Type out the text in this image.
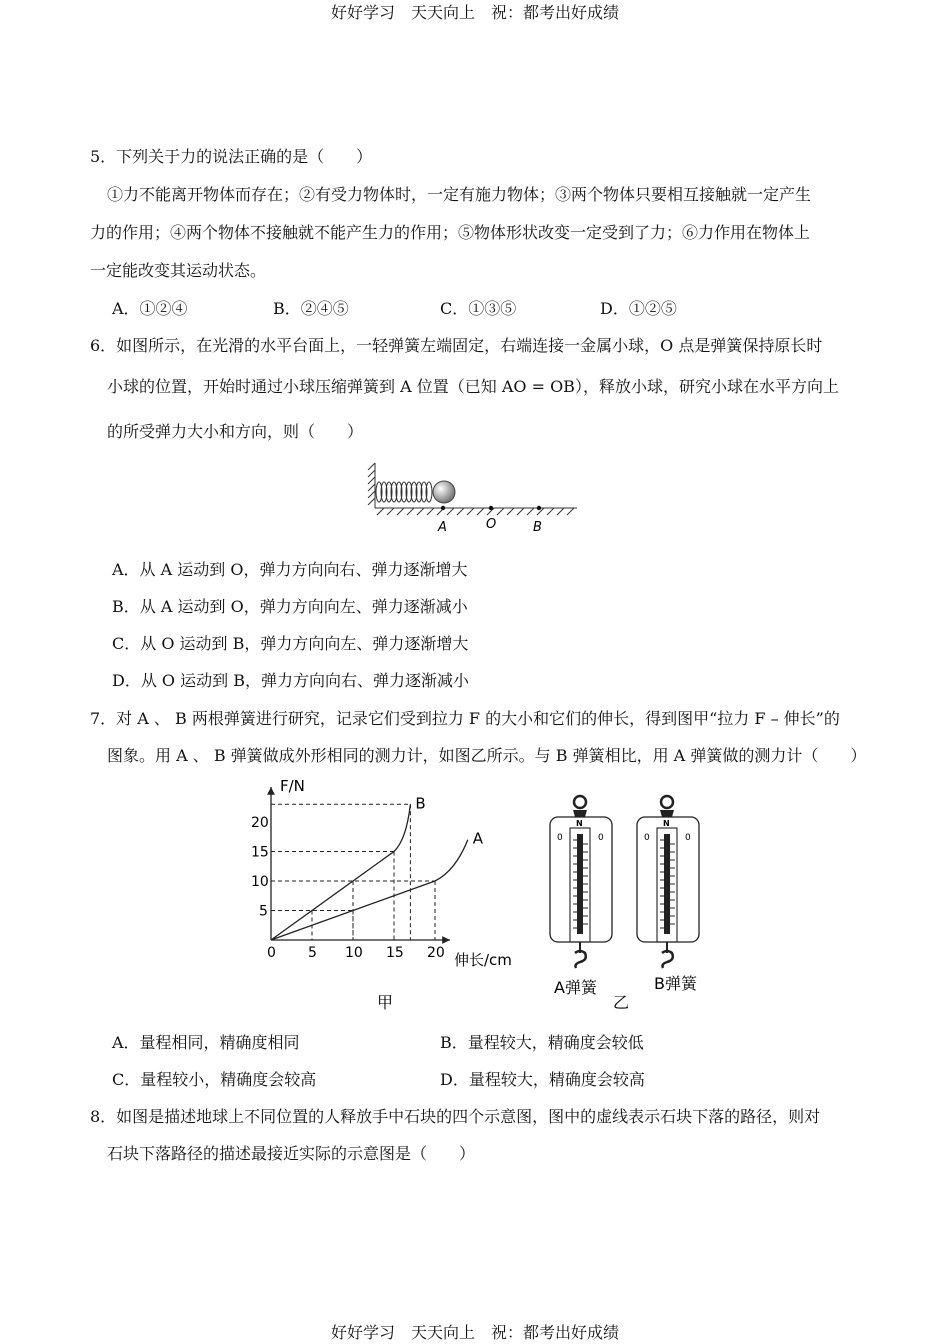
好好学习　天天向上　祝：都考出好成绩
5．下列关于力的说法正确的是（　　）
①力不能离开物体而存在；②有受力物体时，一定有施力物体；③两个物体只要相互接触就一定产生
力的作用；④两个物体不接触就不能产生力的作用；⑤物体形状改变一定受到了力；⑥力作用在物体上
一定能改变其运动状态。
A．①②④	B．②④⑤	C．①③⑤	D．①②⑤
6．如图所示，在光滑的水平台面上，一轻弹簧左端固定，右端连接一金属小球，O 点是弹簧保持原长时
小球的位置，开始时通过小球压缩弹簧到 A 位置（已知 AO = OB），释放小球，研究小球在水平方向上
的所受弹力大小和方向，则（　　）
A	O	B
A．从 A 运动到 O，弹力方向向右、弹力逐渐增大
B．从 A 运动到 O，弹力方向向左、弹力逐渐减小
C．从 O 运动到 B，弹力方向向左、弹力逐渐增大
D．从 O 运动到 B，弹力方向向右、弹力逐渐减小
7．对 A 、 B 两根弹簧进行研究，记录它们受到拉力 F 的大小和它们的伸长，得到图甲“拉力 F – 伸长”的
图象。用 A 、 B 弹簧做成外形相同的测力计，如图乙所示。与 B 弹簧相比，用 A 弹簧做的测力计（　　）
0 5 10 15 20
5
10
15
20
A
B
F/N
伸长/cm
甲
N
0	0
A弹簧
N
0	0
B弹簧
乙
A．量程相同，精确度相同	B．量程较大，精确度会较低
C．量程较小，精确度会较高	D．量程较大，精确度会较高
8．如图是描述地球上不同位置的人释放手中石块的四个示意图，图中的虚线表示石块下落的路径，则对
石块下落路径的描述最接近实际的示意图是（　　）
好好学习　天天向上　祝：都考出好成绩
